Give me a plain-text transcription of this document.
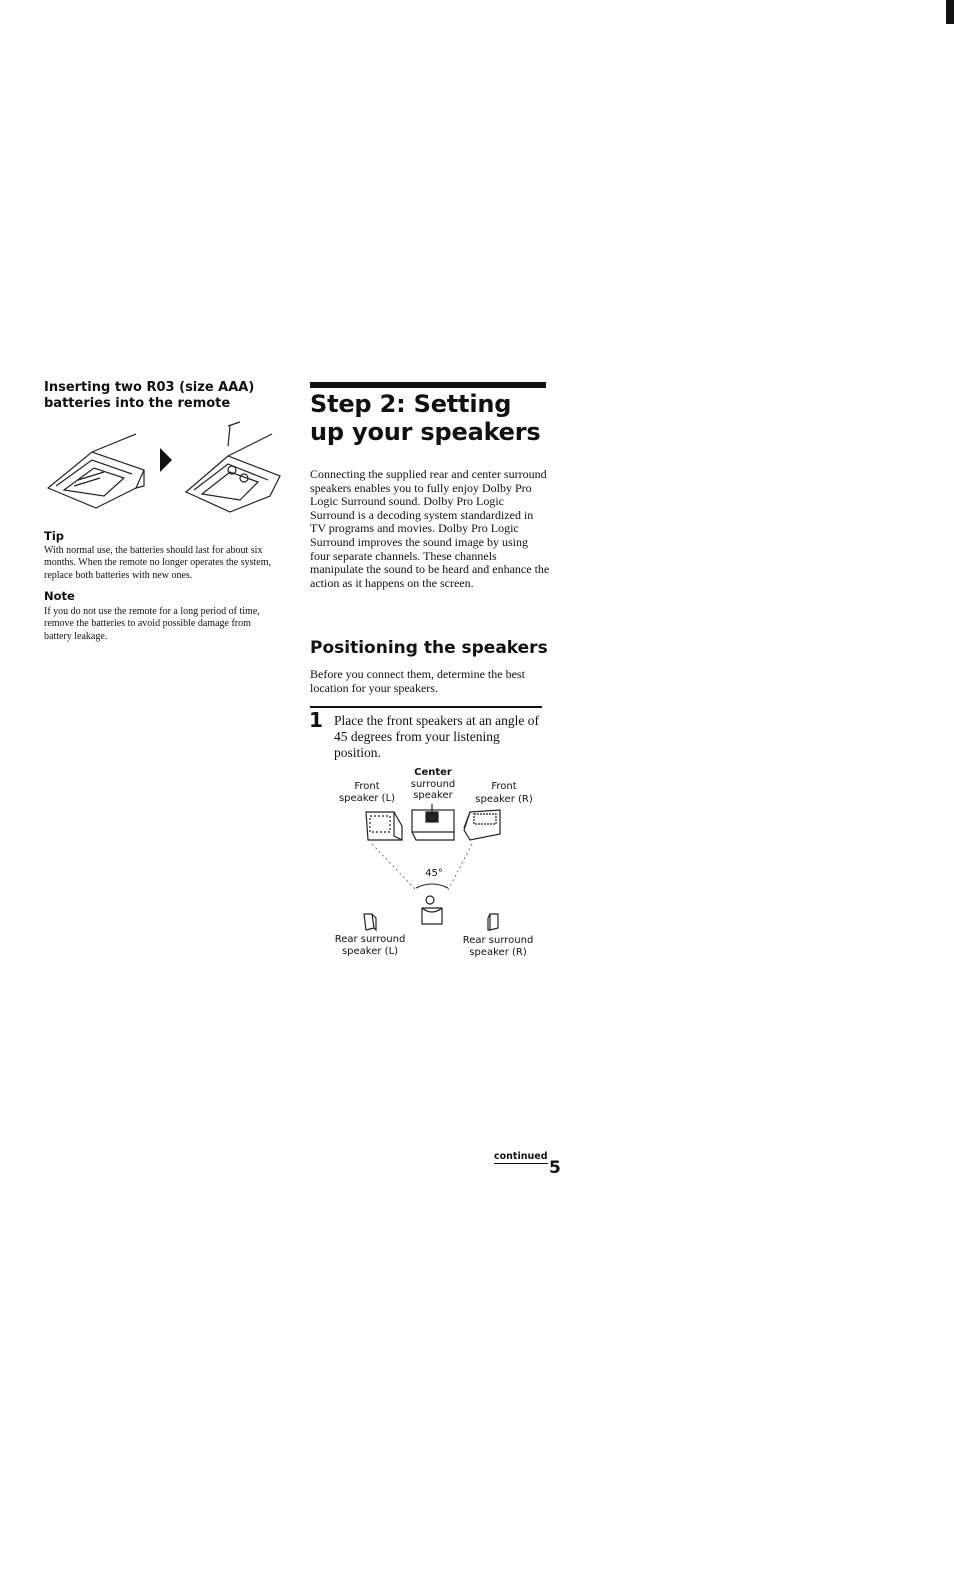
Inserting two R03 (size AAA) batteries into the remote
Tip
With normal use, the batteries should last for about six months. When the remote no longer operates the system, replace both batteries with new ones.
Note
If you do not use the remote for a long period of time, remove the batteries to avoid possible damage from battery leakage.
Step 2: Setting up your speakers
Connecting the supplied rear and center surround speakers enables you to fully enjoy Dolby Pro Logic Surround sound. Dolby Pro Logic Surround is a decoding system standardized in TV programs and movies. Dolby Pro Logic Surround improves the sound image by using four separate channels. These channels manipulate the sound to be heard and enhance the action as it happens on the screen.
Positioning the speakers
Before you connect them, determine the best location for your speakers.
1 Place the front speakers at an angle of 45 degrees from your listening position.
Center
surround
speaker
Front
speaker (L)
Front
speaker (R)
45°
Rear surround
speaker (L)
Rear surround
speaker (R)
continued
5
